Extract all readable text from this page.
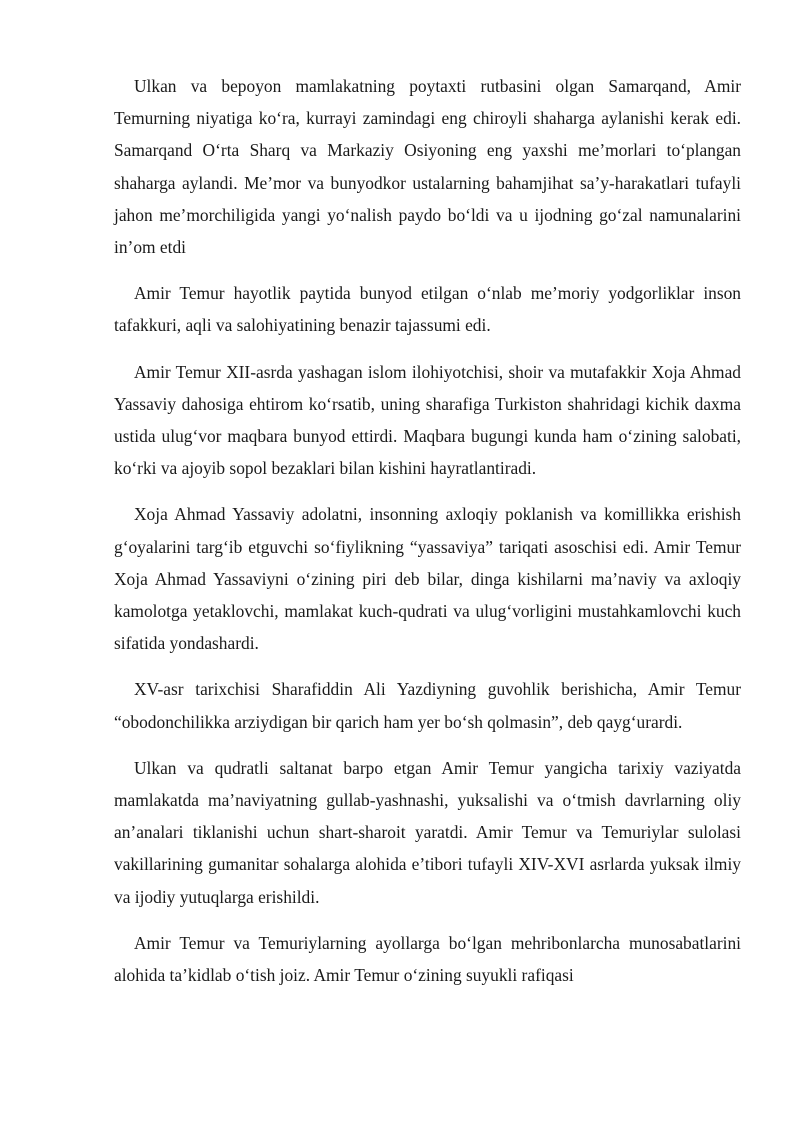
Ulkan va bepoyon mamlakatning poytaxti rutbasini olgan Samarqand, Amir Temurning niyatiga ko‘ra, kurrayi zamindagi eng chiroyli shaharga aylanishi kerak edi. Samarqand O‘rta Sharq va Markaziy Osiyoning eng yaxshi me’morlari to‘plangan shaharga aylandi. Me’mor va bunyodkor ustalarning bahamjihat sa’y-harakatlari tufayli jahon me’morchiligida yangi yo‘nalish paydo bo‘ldi va u ijodning go‘zal namunalarini in’om etdi

Amir Temur hayotlik paytida bunyod etilgan o‘nlab me’moriy yodgorliklar inson tafakkuri, aqli va salohiyatining benazir tajassumi edi.

Amir Temur XII-asrda yashagan islom ilohiyotchisi, shoir va mutafakkir Xoja Ahmad Yassaviy dahosiga ehtirom ko‘rsatib, uning sharafiga Turkiston shahridagi kichik daxma ustida ulug‘vor maqbara bunyod ettirdi. Maqbara bugungi kunda ham o‘zining salobati, ko‘rki va ajoyib sopol bezaklari bilan kishini hayratlantiradi.

Xoja Ahmad Yassaviy adolatni, insonning axloqiy poklanish va komillikka erishish g‘oyalarini targ‘ib etguvchi so‘fiylikning “yassaviya” tariqati asoschisi edi. Amir Temur Xoja Ahmad Yassaviyni o‘zining piri deb bilar, dinga kishilarni ma’naviy va axloqiy kamolotga yetaklovchi, mamlakat kuch-qudrati va ulug‘vorligini mustahkamlovchi kuch sifatida yondashardi.

XV-asr tarixchisi Sharafiddin Ali Yazdiyning guvohlik berishicha, Amir Temur “obodonchilikka arziydigan bir qarich ham yer bo‘sh qolmasin”, deb qayg‘urardi.

Ulkan va qudratli saltanat barpo etgan Amir Temur yangicha tarixiy vaziyatda mamlakatda ma’naviyatning gullab-yashnashi, yuksalishi va o‘tmish davrlarning oliy an’analari tiklanishi uchun shart-sharoit yaratdi. Amir Temur va Temuriylar sulolasi vakillarining gumanitar sohalarga alohida e’tibori tufayli XIV-XVI asrlarda yuksak ilmiy va ijodiy yutuqlarga erishildi.

Amir Temur va Temuriylarning ayollarga bo‘lgan mehribonlarcha munosabatlarini alohida ta’kidlab o‘tish joiz. Amir Temur o‘zining suyukli rafiqasi
